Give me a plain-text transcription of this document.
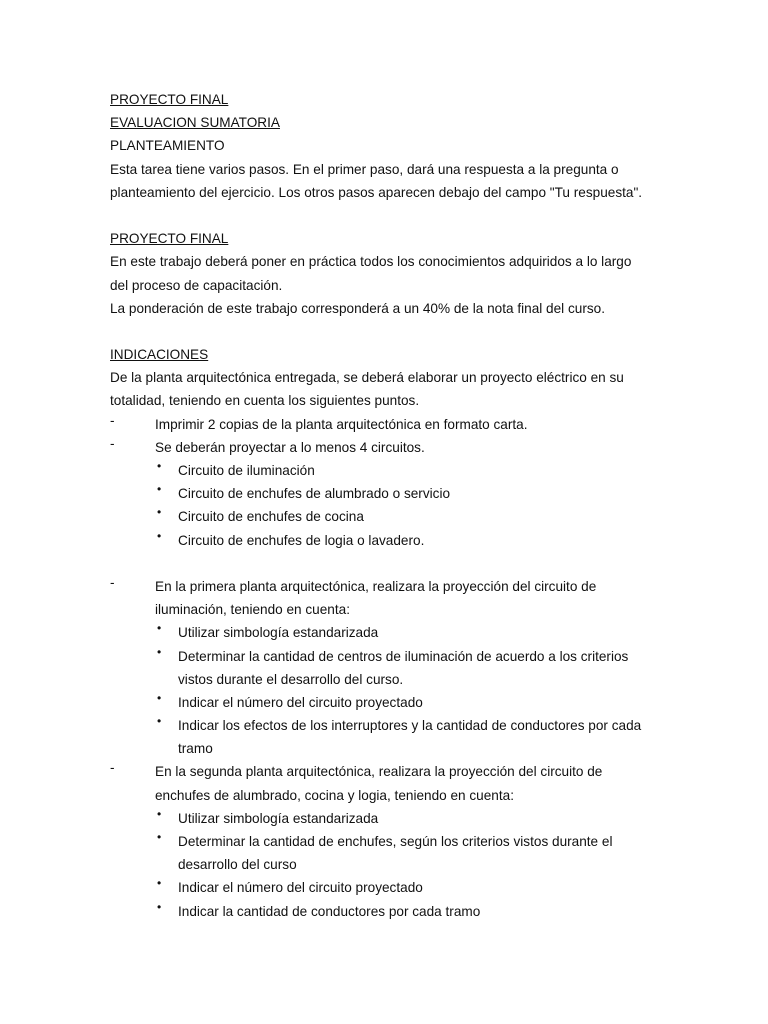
PROYECTO FINAL
EVALUACION SUMATORIA
PLANTEAMIENTO
Esta tarea tiene varios pasos. En el primer paso, dará una respuesta a la pregunta o
planteamiento del ejercicio. Los otros pasos aparecen debajo del campo "Tu respuesta".
PROYECTO FINAL
En este trabajo deberá poner en práctica todos los conocimientos adquiridos a lo largo
del proceso de capacitación.
La ponderación de este trabajo corresponderá a un 40% de la nota final del curso.
INDICACIONES
De la planta arquitectónica entregada, se deberá elaborar un proyecto eléctrico en su
totalidad, teniendo en cuenta los siguientes puntos.
-	Imprimir 2 copias de la planta arquitectónica en formato carta.
-	Se deberán proyectar a lo menos 4 circuitos.
•	Circuito de iluminación
•	Circuito de enchufes de alumbrado o servicio
•	Circuito de enchufes de cocina
•	Circuito de enchufes de logia o lavadero.
-	En la primera planta arquitectónica, realizara la proyección del circuito de
iluminación, teniendo en cuenta:
•	Utilizar simbología estandarizada
•	Determinar la cantidad de centros de iluminación de acuerdo a los criterios
vistos durante el desarrollo del curso.
•	Indicar el número del circuito proyectado
•	Indicar los efectos de los interruptores y la cantidad de conductores por cada
tramo
-	En la segunda planta arquitectónica, realizara la proyección del circuito de
enchufes de alumbrado, cocina y logia, teniendo en cuenta:
•	Utilizar simbología estandarizada
•	Determinar la cantidad de enchufes, según los criterios vistos durante el
desarrollo del curso
•	Indicar el número del circuito proyectado
•	Indicar la cantidad de conductores por cada tramo
